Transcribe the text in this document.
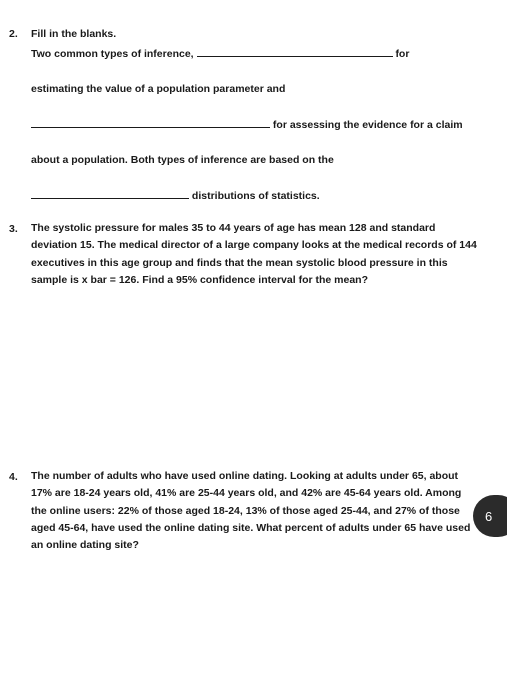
2. Fill in the blanks.
Two common types of inference,	for
estimating the value of a population parameter and
for assessing the evidence for a claim
about a population. Both types of inference are based on the
distributions of statistics.
3. The systolic pressure for males 35 to 44 years of age has mean 128 and standard deviation 15. The medical director of a large company looks at the medical records of 144 executives in this age group and finds that the mean systolic blood pressure in this sample is x bar = 126. Find a 95% confidence interval for the mean?
4. The number of adults who have used online dating. Looking at adults under 65, about 17% are 18-24 years old, 41% are 25-44 years old, and 42% are 45-64 years old. Among the online users: 22% of those aged 18-24, 13% of those aged 25-44, and 27% of those aged 45-64, have used the online dating site. What percent of adults under 65 have used an online dating site?
6
